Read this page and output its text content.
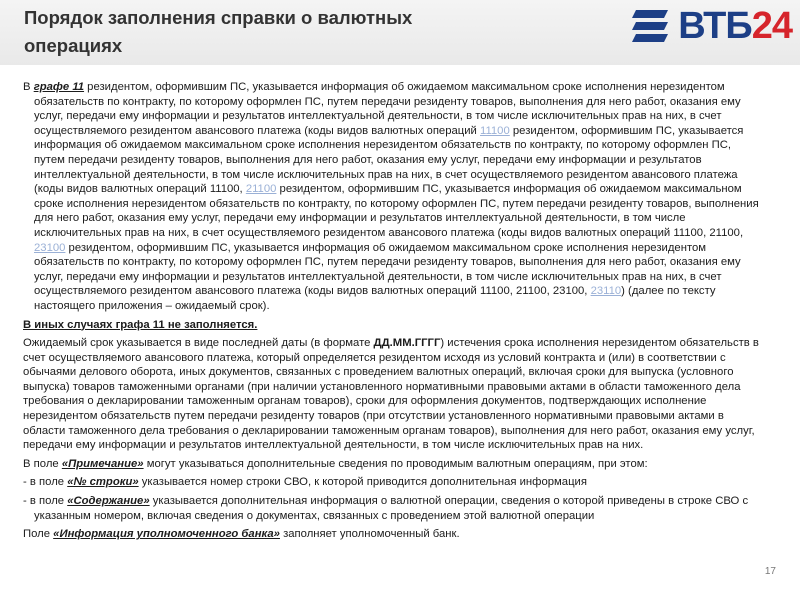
Порядок заполнения справки о валютных операциях	ВТБ 24

В графе 11 резидентом, оформившим ПС, указывается информация об ожидаемом максимальном сроке исполнения нерезидентом обязательств по контракту, по которому оформлен ПС, путем передачи резиденту товаров, выполнения для него работ, оказания ему услуг, передачи ему информации и результатов интеллектуальной деятельности, в том числе исключительных прав на них, в счет осуществляемого резидентом авансового платежа (коды видов валютных операций 11100 резидентом, оформившим ПС, указывается информация об ожидаемом максимальном сроке исполнения нерезидентом обязательств по контракту, по которому оформлен ПС, путем передачи резиденту товаров, выполнения для него работ, оказания ему услуг, передачи ему информации и результатов интеллектуальной деятельности, в том числе исключительных прав на них, в счет осуществляемого резидентом авансового платежа (коды видов валютных операций 11100, 21100 резидентом, оформившим ПС, указывается информация об ожидаемом максимальном сроке исполнения нерезидентом обязательств по контракту, по которому оформлен ПС, путем передачи резиденту товаров, выполнения для него работ, оказания ему услуг, передачи ему информации и результатов интеллектуальной деятельности, в том числе исключительных прав на них, в счет осуществляемого резидентом авансового платежа (коды видов валютных операций 11100, 21100, 23100 резидентом, оформившим ПС, указывается информация об ожидаемом максимальном сроке исполнения нерезидентом обязательств по контракту, по которому оформлен ПС, путем передачи резиденту товаров, выполнения для него работ, оказания ему услуг, передачи ему информации и результатов интеллектуальной деятельности, в том числе исключительных прав на них, в счет осуществляемого резидентом авансового платежа (коды видов валютных операций 11100, 21100, 23100, 23110) (далее по тексту настоящего приложения – ожидаемый срок).

В иных случаях графа 11 не заполняется.

Ожидаемый срок указывается в виде последней даты (в формате ДД.ММ.ГГГГ) истечения срока исполнения нерезидентом обязательств в счет осуществляемого авансового платежа, который определяется резидентом исходя из условий контракта и (или) в соответствии с обычаями делового оборота, иных документов, связанных с проведением валютных операций, включая сроки для выпуска (условного выпуска) товаров таможенными органами (при наличии установленного нормативными правовыми актами в области таможенного дела требования о декларировании таможенным органам товаров), сроки для оформления документов, подтверждающих исполнение нерезидентом обязательств путем передачи резиденту товаров (при отсутствии установленного нормативными правовыми актами в области таможенного дела требования о декларировании таможенным органам товаров), выполнения для него работ, оказания ему услуг, передачи ему информации и результатов интеллектуальной деятельности, в том числе исключительных прав на них.

В поле «Примечание» могут указываться дополнительные сведения по проводимым валютным операциям, при этом:

- в поле «№ строки» указывается номер строки СВО, к которой приводится дополнительная информация

- в поле «Содержание» указывается дополнительная информация о валютной операции, сведения о которой приведены в строке СВО с указанным номером, включая сведения о документах, связанных с проведением этой валютной операции

Поле «Информация уполномоченного банка» заполняет уполномоченный банк.

17
